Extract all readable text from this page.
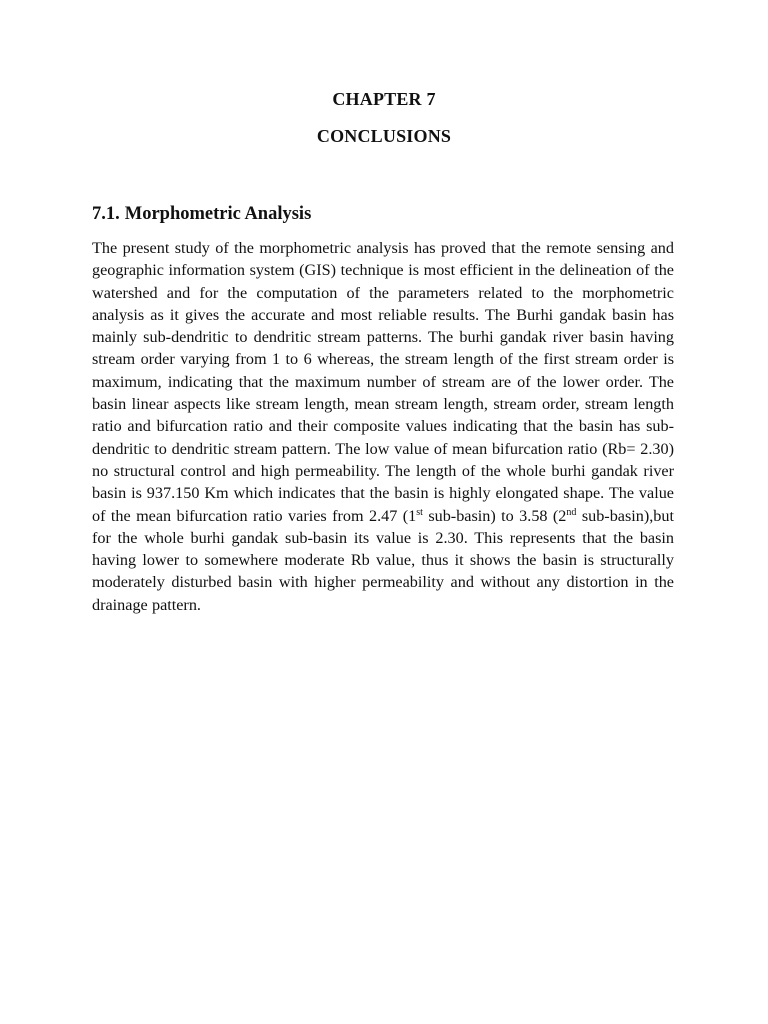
CHAPTER 7
CONCLUSIONS
7.1. Morphometric Analysis

The present study of the morphometric analysis has proved that the remote sensing and geographic information system (GIS) technique is most efficient in the delineation of the watershed and for the computation of the parameters related to the morphometric analysis as it gives the accurate and most reliable results. The Burhi gandak basin has mainly sub-dendritic to dendritic stream patterns. The burhi gandak river basin having stream order varying from 1 to 6 whereas, the stream length of the first stream order is maximum, indicating that the maximum number of stream are of the lower order. The basin linear aspects like stream length, mean stream length, stream order, stream length ratio and bifurcation ratio and their composite values indicating that the basin has sub-dendritic to dendritic stream pattern. The low value of mean bifurcation ratio (Rb= 2.30) no structural control and high permeability. The length of the whole burhi gandak river basin is 937.150 Km which indicates that the basin is highly elongated shape. The value of the mean bifurcation ratio varies from 2.47 (1st sub-basin) to 3.58 (2nd sub-basin),but for the whole burhi gandak sub-basin its value is 2.30. This represents that the basin having lower to somewhere moderate Rb value, thus it shows the basin is structurally moderately disturbed basin with higher permeability and without any distortion in the drainage pattern.
